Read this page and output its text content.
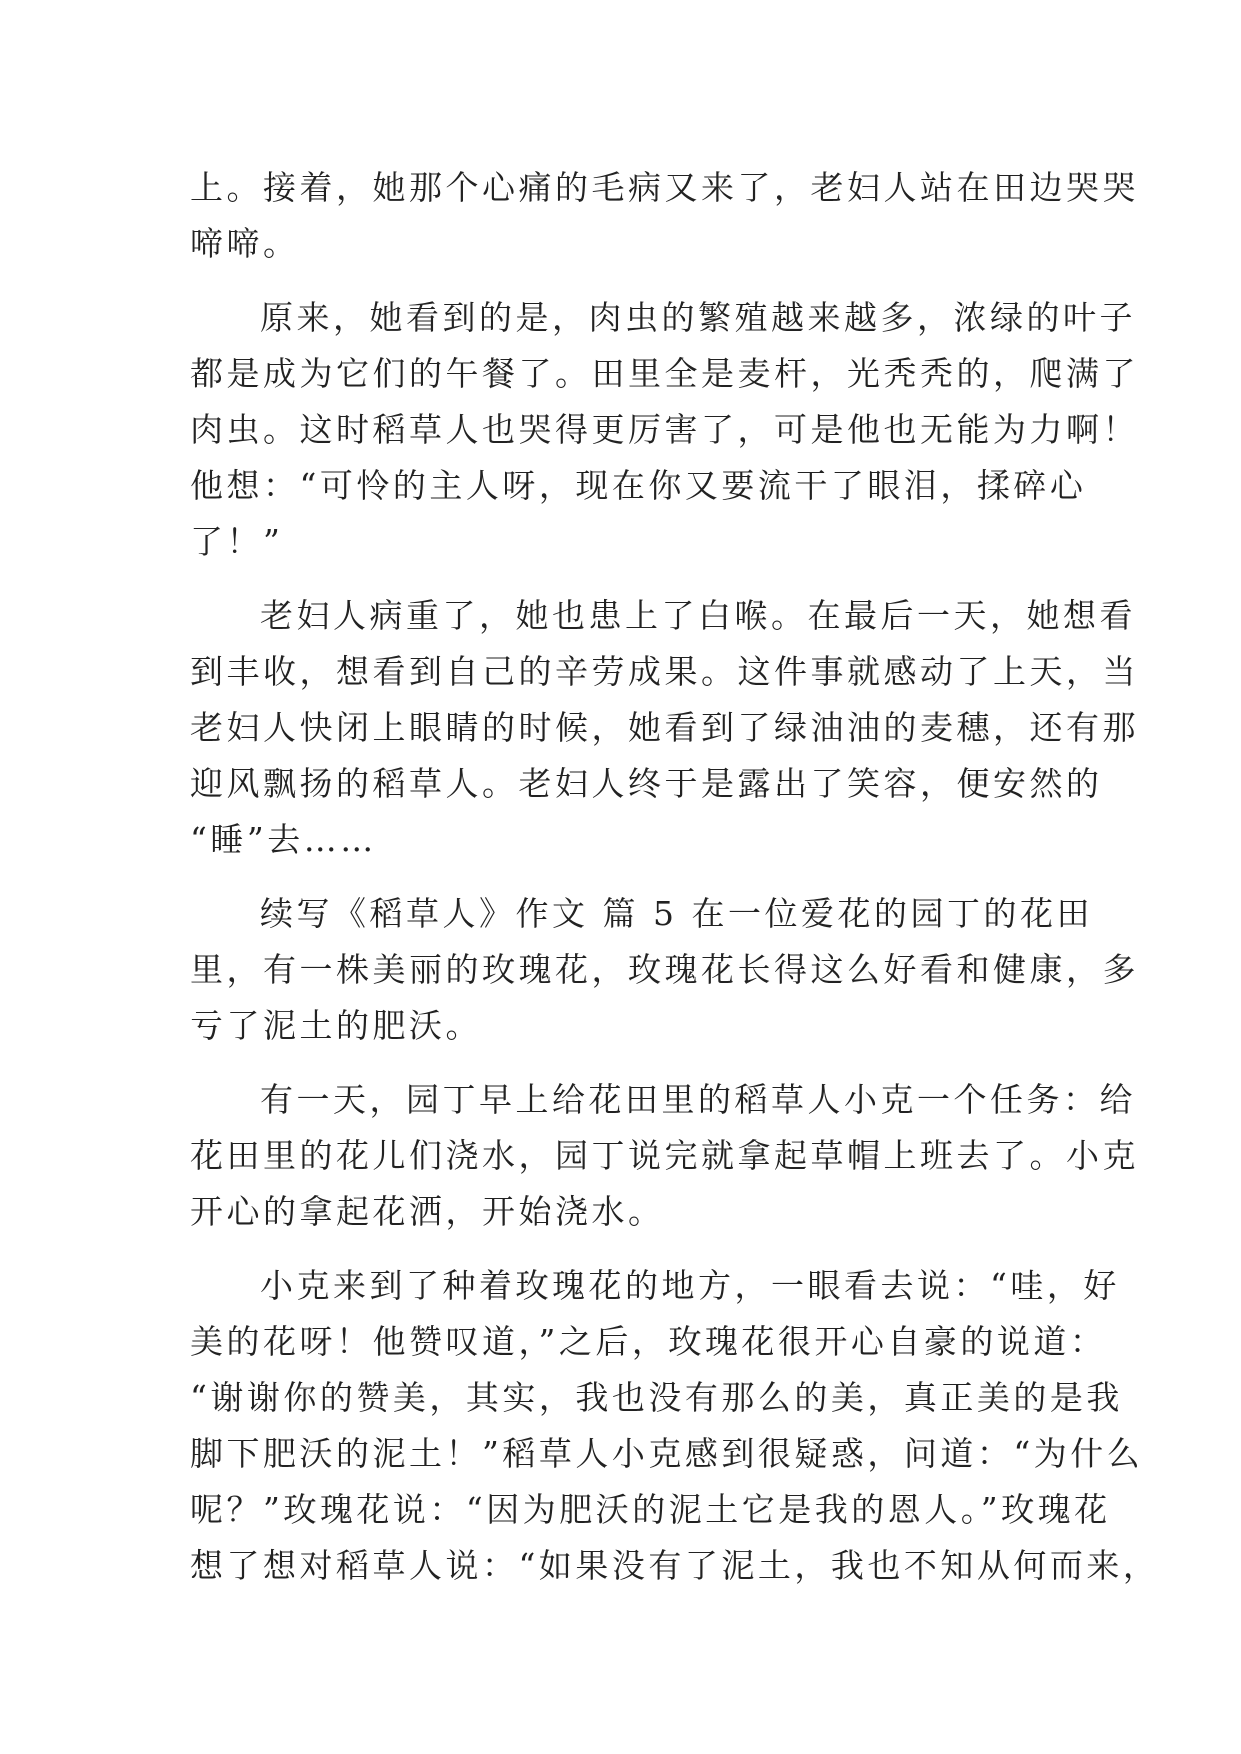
上。接着，她那个心痛的毛病又来了，老妇人站在田边哭哭
啼啼。
原来，她看到的是，肉虫的繁殖越来越多，浓绿的叶子
都是成为它们的午餐了。田里全是麦杆，光秃秃的，爬满了
肉虫。这时稻草人也哭得更厉害了，可是他也无能为力啊！
他想：“可怜的主人呀，现在你又要流干了眼泪，揉碎心
了！”
老妇人病重了，她也患上了白喉。在最后一天，她想看
到丰收，想看到自己的辛劳成果。这件事就感动了上天，当
老妇人快闭上眼睛的时候，她看到了绿油油的麦穗，还有那
迎风飘扬的稻草人。老妇人终于是露出了笑容，便安然的
“睡”去……
续写《稻草人》作文 篇 5 在一位爱花的园丁的花田
里，有一株美丽的玫瑰花，玫瑰花长得这么好看和健康，多
亏了泥土的肥沃。
有一天，园丁早上给花田里的稻草人小克一个任务：给
花田里的花儿们浇水，园丁说完就拿起草帽上班去了。小克
开心的拿起花洒，开始浇水。
小克来到了种着玫瑰花的地方，一眼看去说：“哇，好
美的花呀！他赞叹道，”之后，玫瑰花很开心自豪的说道：
“谢谢你的赞美，其实，我也没有那么的美，真正美的是我
脚下肥沃的泥土！”稻草人小克感到很疑惑，问道：“为什么
呢？”玫瑰花说：“因为肥沃的泥土它是我的恩人。”玫瑰花
想了想对稻草人说：“如果没有了泥土，我也不知从何而来，
